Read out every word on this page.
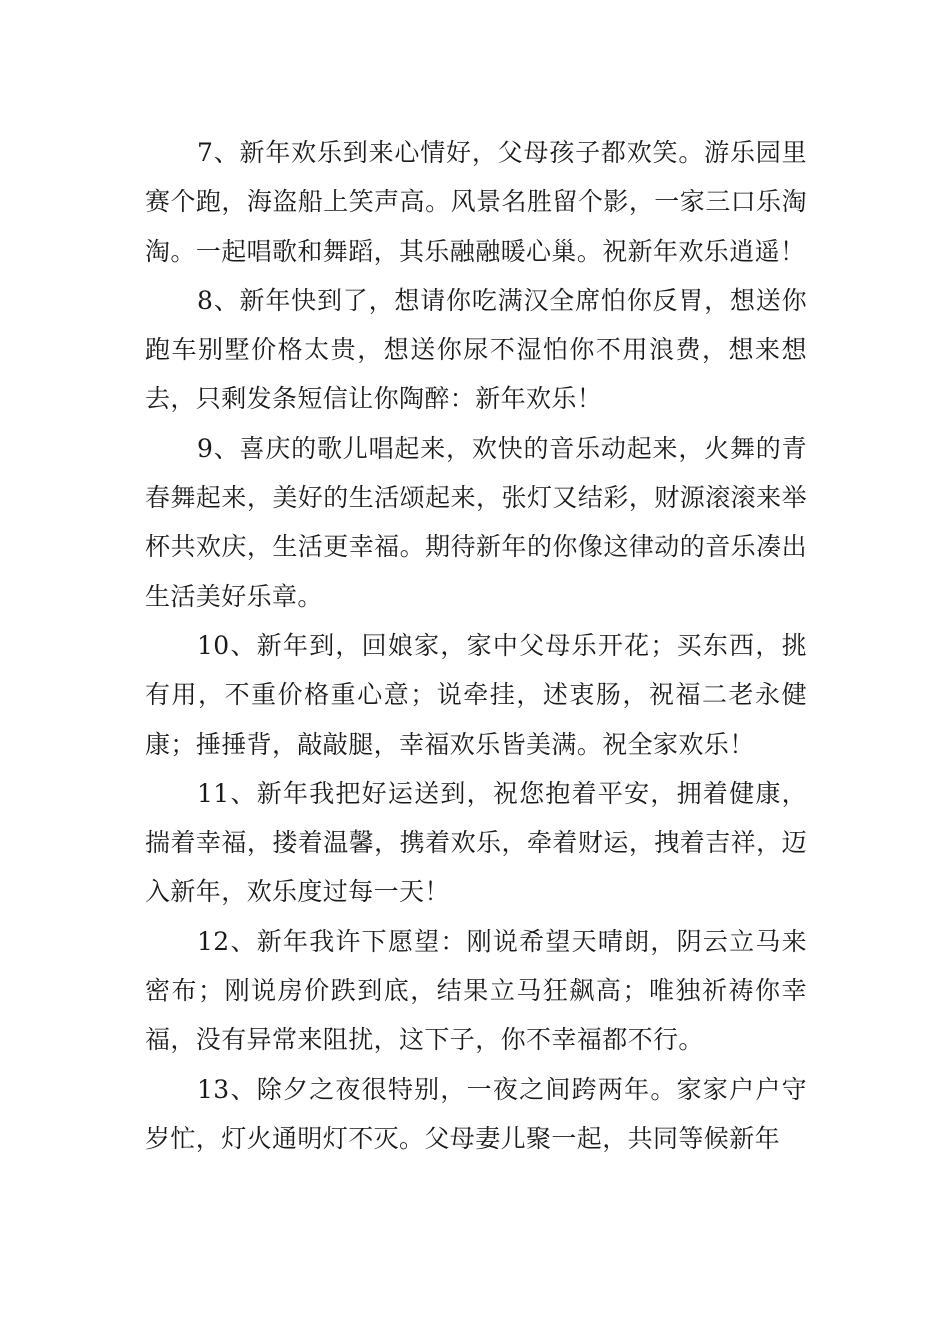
7、新年欢乐到来心情好，父母孩子都欢笑。游乐园里赛个跑，海盗船上笑声高。风景名胜留个影，一家三口乐淘淘。一起唱歌和舞蹈，其乐融融暖心巢。祝新年欢乐逍遥！

8、新年快到了，想请你吃满汉全席怕你反胃，想送你跑车别墅价格太贵，想送你尿不湿怕你不用浪费，想来想去，只剩发条短信让你陶醉：新年欢乐！

9、喜庆的歌儿唱起来，欢快的音乐动起来，火舞的青春舞起来，美好的生活颂起来，张灯又结彩，财源滚滚来举杯共欢庆，生活更幸福。期待新年的你像这律动的音乐凑出生活美好乐章。

10、新年到，回娘家，家中父母乐开花；买东西，挑有用，不重价格重心意；说牵挂，述衷肠，祝福二老永健康；捶捶背，敲敲腿，幸福欢乐皆美满。祝全家欢乐！

11、新年我把好运送到，祝您抱着平安，拥着健康，揣着幸福，搂着温馨，携着欢乐，牵着财运，拽着吉祥，迈入新年，欢乐度过每一天！

12、新年我许下愿望：刚说希望天晴朗，阴云立马来密布；刚说房价跌到底，结果立马狂飙高；唯独祈祷你幸福，没有异常来阻扰，这下子，你不幸福都不行。

13、除夕之夜很特别，一夜之间跨两年。家家户户守岁忙，灯火通明灯不灭。父母妻儿聚一起，共同等候新年
